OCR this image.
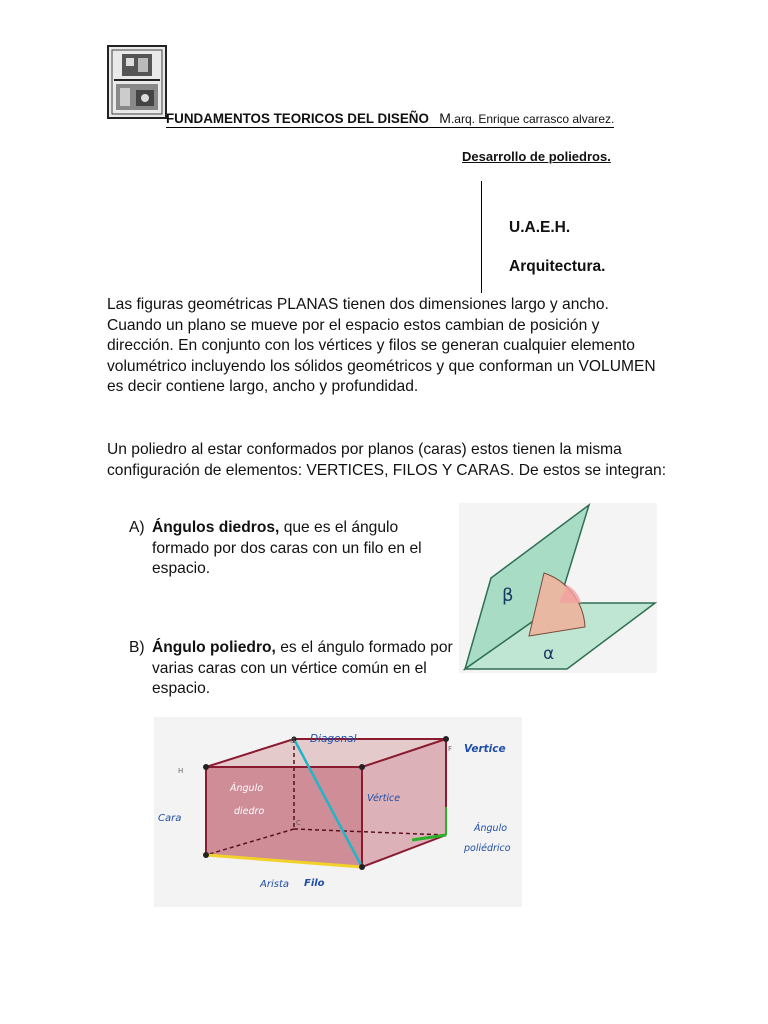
FUNDAMENTOS TEORICOS DEL DISEÑO M.arq. Enrique carrasco alvarez.
Desarrollo de poliedros.
U.A.E.H.
Arquitectura.
Las figuras geométricas PLANAS tienen dos dimensiones largo y ancho. Cuando un plano se mueve por el espacio estos cambian de posición y dirección. En conjunto con los vértices y filos se generan cualquier elemento volumétrico incluyendo los sólidos geométricos y que conforman un VOLUMEN es decir contiene largo, ancho y profundidad.
Un poliedro al estar conformados por planos (caras) estos tienen la misma configuración de elementos: VERTICES, FILOS Y CARAS. De estos se integran:
A) Ángulos diedros, que es el ángulo formado por dos caras con un filo en el espacio.
B) Ángulo poliedro, es el ángulo formado por varias caras con un vértice común en el espacio.
β
α
G
F
H
C
Diagonal
Vertice
Ángulo
diedro
Cara
Vértice
Ángulo
poliédrico
Arista Filo
